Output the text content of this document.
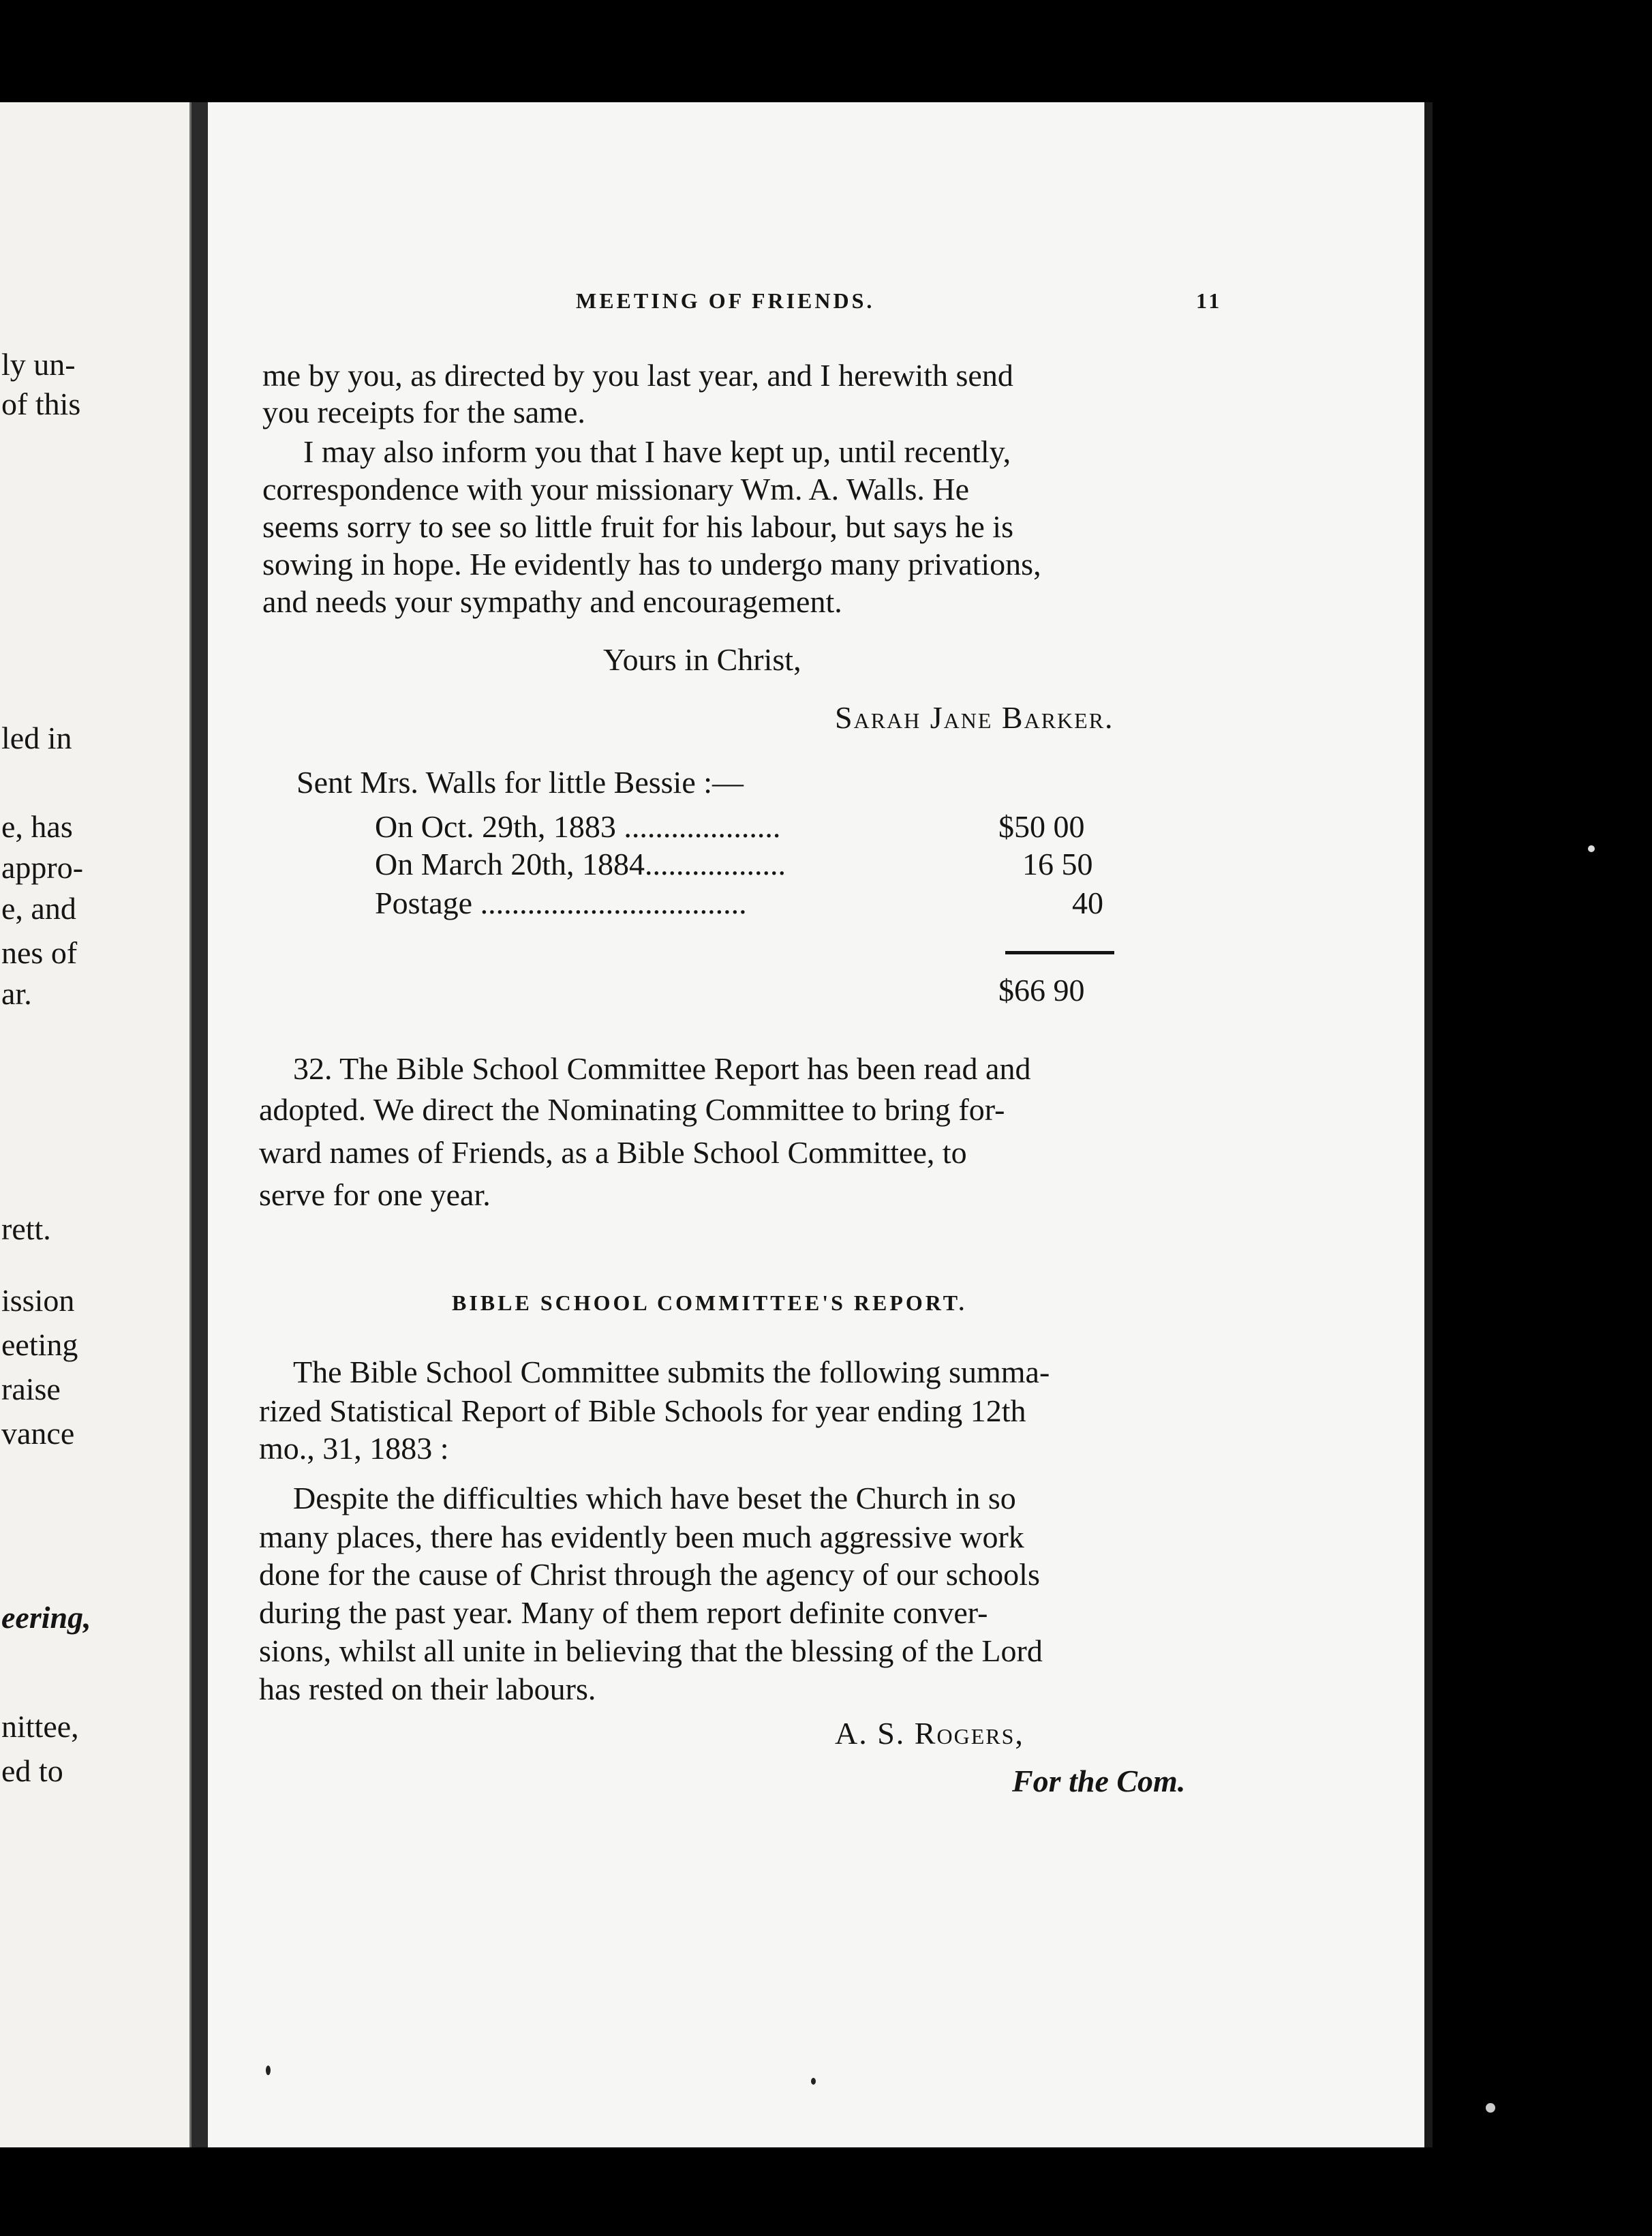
ly un-
of this
led in
e, has
appro-
e, and
nes of
ar.
rett.
ission
eeting
raise
vance
eering,
nittee,
ed to
MEETING OF FRIENDS.	11
me by you, as directed by you last year, and I herewith send
you receipts for the same.
I may also inform you that I have kept up, until recently,
correspondence with your missionary Wm. A. Walls. He
seems sorry to see so little fruit for his labour, but says he is
sowing in hope. He evidently has to undergo many privations,
and needs your sympathy and encouragement.
Yours in Christ,
Sarah Jane Barker.
Sent Mrs. Walls for little Bessie :—
On Oct. 29th, 1883 ....................	$50 00
On March 20th, 1884..................	16 50
Postage ..................................	40
$66 90
32. The Bible School Committee Report has been read and
adopted. We direct the Nominating Committee to bring for-
ward names of Friends, as a Bible School Committee, to
serve for one year.
BIBLE SCHOOL COMMITTEE'S REPORT.
The Bible School Committee submits the following summa-
rized Statistical Report of Bible Schools for year ending 12th
mo., 31, 1883 :
Despite the difficulties which have beset the Church in so
many places, there has evidently been much aggressive work
done for the cause of Christ through the agency of our schools
during the past year. Many of them report definite conver-
sions, whilst all unite in believing that the blessing of the Lord
has rested on their labours.
A. S. Rogers,
For the Com.
